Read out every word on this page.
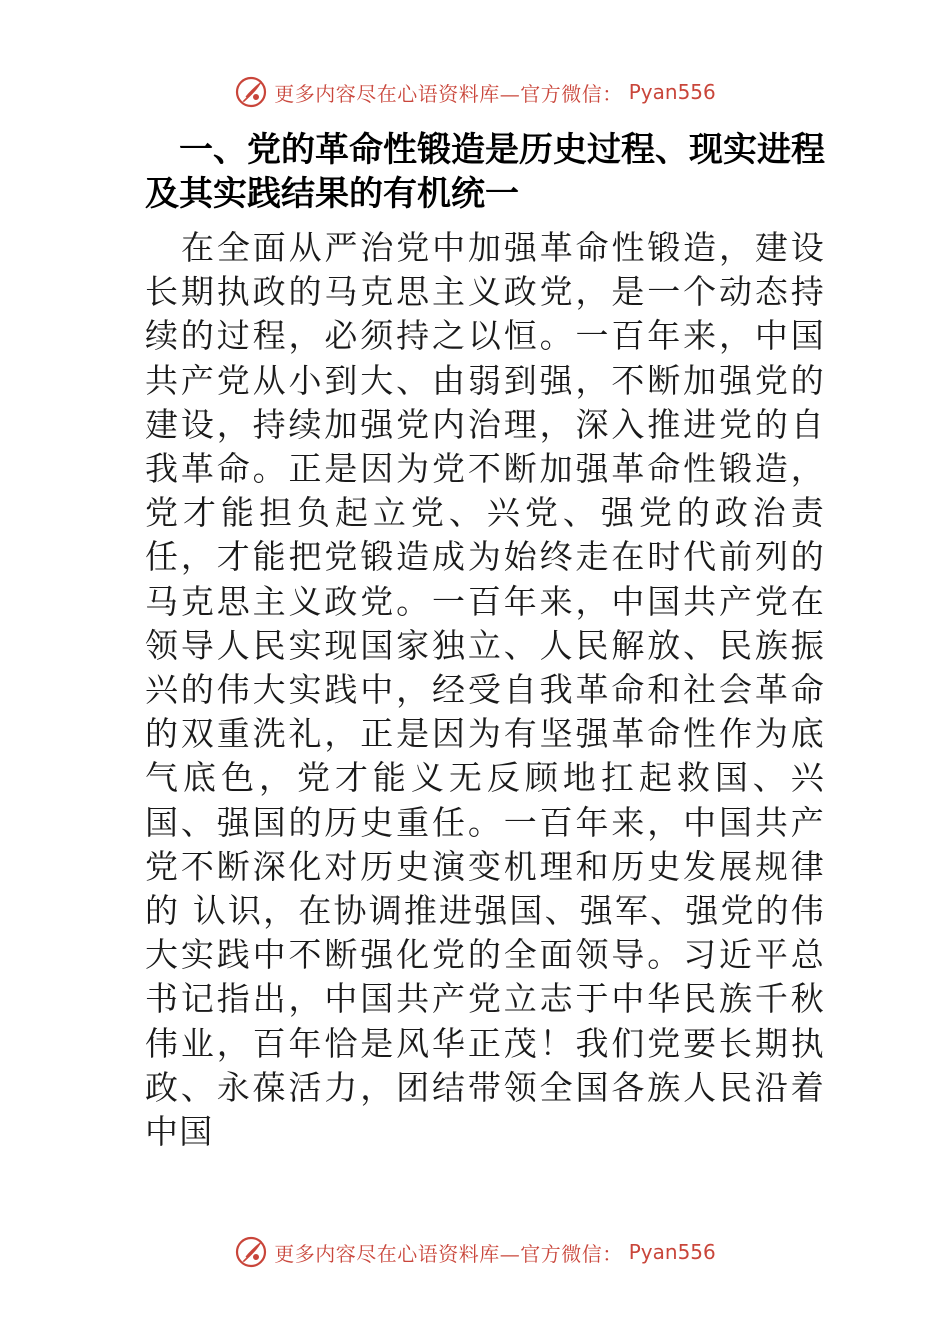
更多内容尽在心语资料库—官方微信： Pyan556
一、党的革命性锻造是历史过程、现实进程及其实践结果的有机统一

在全面从严治党中加强革命性锻造，建设长期执政的马克思主义政党，是一个动态持续的过程，必须持之以恒。一百年来，中国共产党从小到大、由弱到强，不断加强党的建设，持续加强党内治理，深入推进党的自我革命。正是因为党不断加强革命性锻造，党才能担负起立党、兴党、强党的政治责任，才能把党锻造成为始终走在时代前列的马克思主义政党。一百年来，中国共产党在领导人民实现国家独立、人民解放、民族振兴的伟大实践中，经受自我革命和社会革命的双重洗礼，正是因为有坚强革命性作为底气底色，党才能义无反顾地扛起救国、兴国、强国的历史重任。一百年来，中国共产党不断深化对历史演变机理和历史发展规律的 认识，在协调推进强国、强军、强党的伟大实践中不断强化党的全面领导。习近平总书记指出，中国共产党立志于中华民族千秋伟业，百年恰是风华正茂！我们党要长期执政、永葆活力，团结带领全国各族人民沿着中国

更多内容尽在心语资料库—官方微信： Pyan556
